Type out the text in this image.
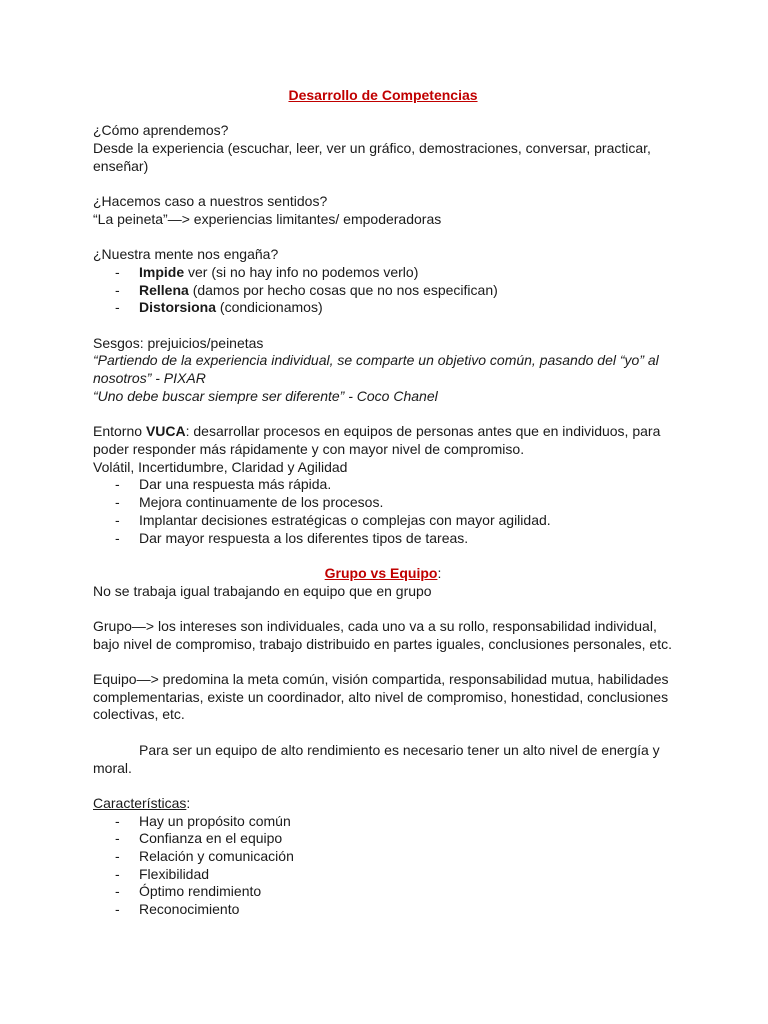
Desarrollo de Competencias

¿Cómo aprendemos?

Desde la experiencia (escuchar, leer, ver un gráfico, demostraciones, conversar, practicar, enseñar)

¿Hacemos caso a nuestros sentidos?

“La peineta”—> experiencias limitantes/ empoderadoras

¿Nuestra mente nos engaña?

- Impide ver (si no hay info no podemos verlo)
- Rellena (damos por hecho cosas que no nos especifican)
- Distorsiona (condicionamos)

Sesgos: prejuicios/peinetas

“Partiendo de la experiencia individual, se comparte un objetivo común, pasando del “yo” al nosotros” - PIXAR

“Uno debe buscar siempre ser diferente” - Coco Chanel

Entorno VUCA: desarrollar procesos en equipos de personas antes que en individuos, para poder responder más rápidamente y con mayor nivel de compromiso.

Volátil, Incertidumbre, Claridad y Agilidad

- Dar una respuesta más rápida.
- Mejora continuamente de los procesos.
- Implantar decisiones estratégicas o complejas con mayor agilidad.
- Dar mayor respuesta a los diferentes tipos de tareas.

Grupo vs Equipo:

No se trabaja igual trabajando en equipo que en grupo

Grupo—> los intereses son individuales, cada uno va a su rollo, responsabilidad individual, bajo nivel de compromiso, trabajo distribuido en partes iguales, conclusiones personales, etc.

Equipo—> predomina la meta común, visión compartida, responsabilidad mutua, habilidades complementarias, existe un coordinador, alto nivel de compromiso, honestidad, conclusiones colectivas, etc.

Para ser un equipo de alto rendimiento es necesario tener un alto nivel de energía y moral.

Características:

- Hay un propósito común
- Confianza en el equipo
- Relación y comunicación
- Flexibilidad
- Óptimo rendimiento
- Reconocimiento
